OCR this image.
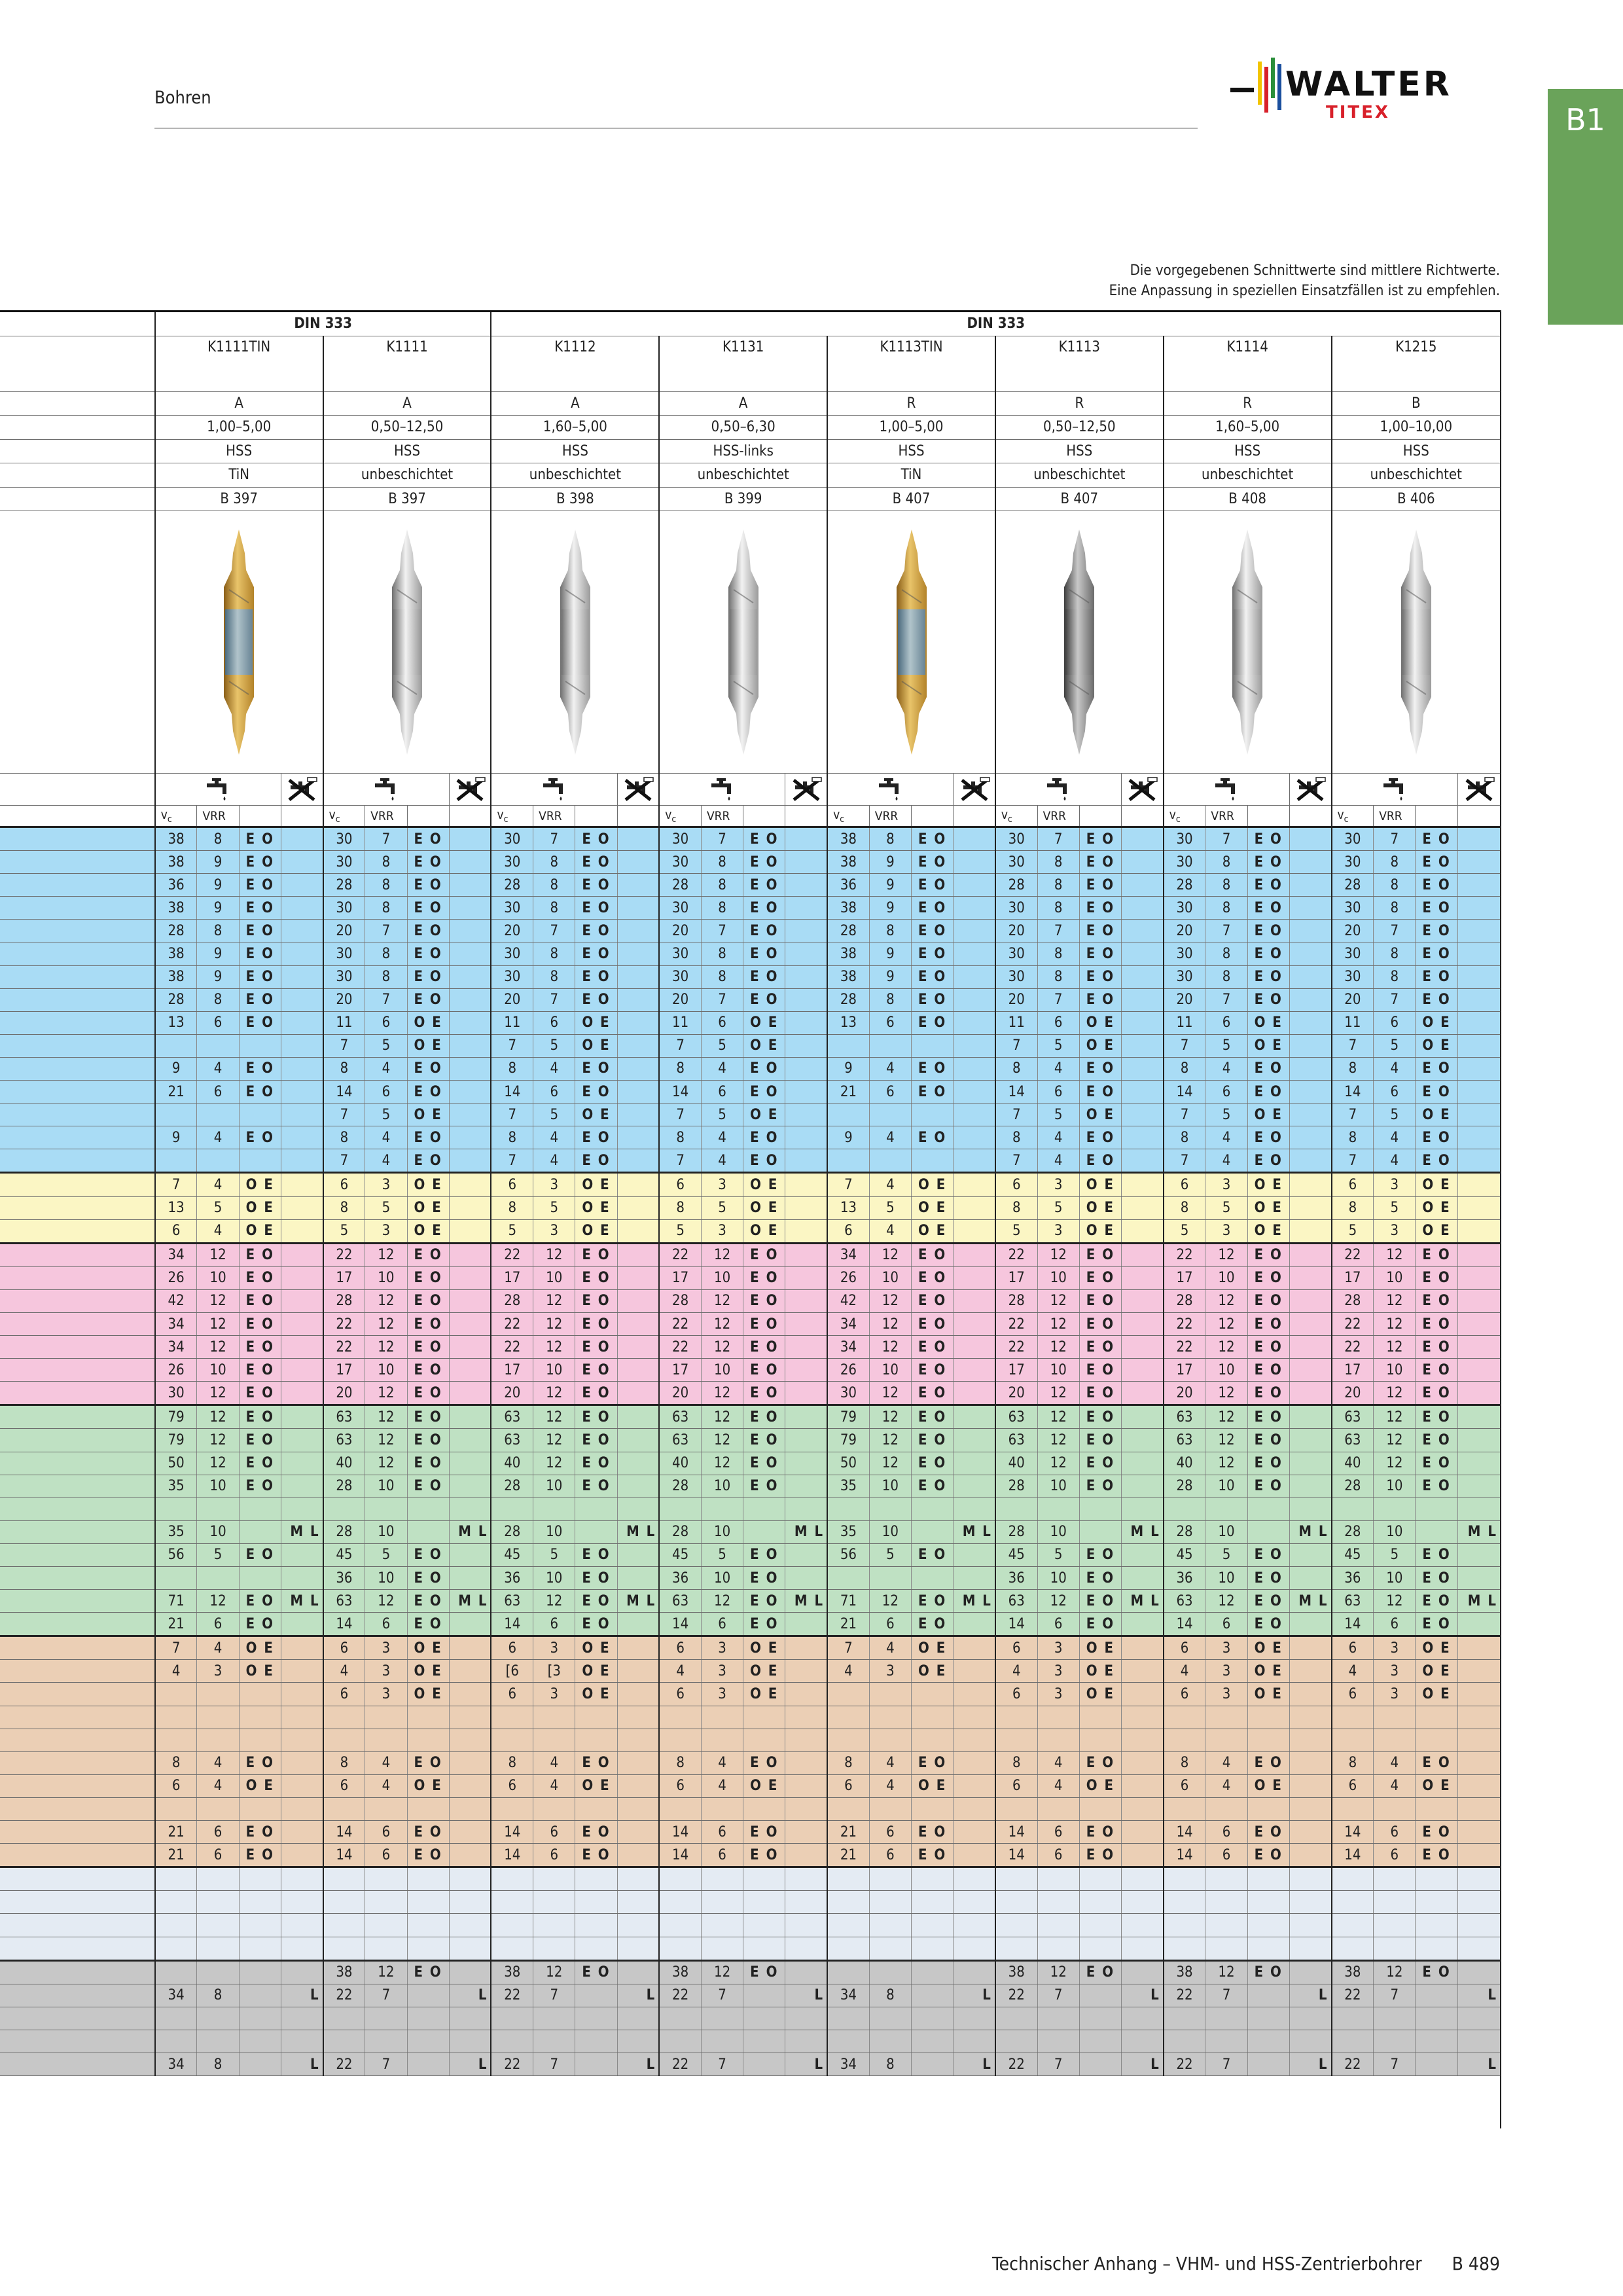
Bohren	WALTER
TITEX	B1
Die vorgegebenen Schnittwerte sind mittlere Richtwerte.
Eine Anpassung in speziellen Einsatzfällen ist zu empfehlen.
	DIN 333								DIN 333																							
	K1111TIN				K1111				K1112				K1131				K1113TIN				K1113				K1114				K1215			
	A				A				A				A				R				R				R				B			
	1,00–5,00				0,50–12,50				1,60–5,00				0,50–6,30				1,00–5,00				0,50–12,50				1,60–5,00				1,00–10,00			
	HSS				HSS				HSS				HSS-links				HSS				HSS				HSS				HSS			
	TiN				unbeschichtet				unbeschichtet				unbeschichtet				TiN				unbeschichtet				unbeschichtet				unbeschichtet			
	B 397				B 397				B 398				B 399				B 407				B 407				B 408				B 406			

	$v_c$	VRR			$v_c$	VRR			$v_c$	VRR			$v_c$	VRR			$v_c$	VRR			$v_c$	VRR			$v_c$	VRR			$v_c$	VRR		
	38	8	E O		30	7	E O		30	7	E O		30	7	E O		38	8	E O		30	7	E O		30	7	E O		30	7	E O	
	38	9	E O		30	8	E O		30	8	E O		30	8	E O		38	9	E O		30	8	E O		30	8	E O		30	8	E O	
	36	9	E O		28	8	E O		28	8	E O		28	8	E O		36	9	E O		28	8	E O		28	8	E O		28	8	E O	
	38	9	E O		30	8	E O		30	8	E O		30	8	E O		38	9	E O		30	8	E O		30	8	E O		30	8	E O	
	28	8	E O		20	7	E O		20	7	E O		20	7	E O		28	8	E O		20	7	E O		20	7	E O		20	7	E O	
	38	9	E O		30	8	E O		30	8	E O		30	8	E O		38	9	E O		30	8	E O		30	8	E O		30	8	E O	
	38	9	E O		30	8	E O		30	8	E O		30	8	E O		38	9	E O		30	8	E O		30	8	E O		30	8	E O	
	28	8	E O		20	7	E O		20	7	E O		20	7	E O		28	8	E O		20	7	E O		20	7	E O		20	7	E O	
	13	6	E O		11	6	O E		11	6	O E		11	6	O E		13	6	E O		11	6	O E		11	6	O E		11	6	O E	
					7	5	O E		7	5	O E		7	5	O E						7	5	O E		7	5	O E		7	5	O E	
	9	4	E O		8	4	E O		8	4	E O		8	4	E O		9	4	E O		8	4	E O		8	4	E O		8	4	E O	
	21	6	E O		14	6	E O		14	6	E O		14	6	E O		21	6	E O		14	6	E O		14	6	E O		14	6	E O	
					7	5	O E		7	5	O E		7	5	O E						7	5	O E		7	5	O E		7	5	O E	
	9	4	E O		8	4	E O		8	4	E O		8	4	E O		9	4	E O		8	4	E O		8	4	E O		8	4	E O	
					7	4	E O		7	4	E O		7	4	E O						7	4	E O		7	4	E O		7	4	E O	
	7	4	O E		6	3	O E		6	3	O E		6	3	O E		7	4	O E		6	3	O E		6	3	O E		6	3	O E	
	13	5	O E		8	5	O E		8	5	O E		8	5	O E		13	5	O E		8	5	O E		8	5	O E		8	5	O E	
	6	4	O E		5	3	O E		5	3	O E		5	3	O E		6	4	O E		5	3	O E		5	3	O E		5	3	O E	
	34	12	E O		22	12	E O		22	12	E O		22	12	E O		34	12	E O		22	12	E O		22	12	E O		22	12	E O	
	26	10	E O		17	10	E O		17	10	E O		17	10	E O		26	10	E O		17	10	E O		17	10	E O		17	10	E O	
	42	12	E O		28	12	E O		28	12	E O		28	12	E O		42	12	E O		28	12	E O		28	12	E O		28	12	E O	
	34	12	E O		22	12	E O		22	12	E O		22	12	E O		34	12	E O		22	12	E O		22	12	E O		22	12	E O	
	34	12	E O		22	12	E O		22	12	E O		22	12	E O		34	12	E O		22	12	E O		22	12	E O		22	12	E O	
	26	10	E O		17	10	E O		17	10	E O		17	10	E O		26	10	E O		17	10	E O		17	10	E O		17	10	E O	
	30	12	E O		20	12	E O		20	12	E O		20	12	E O		30	12	E O		20	12	E O		20	12	E O		20	12	E O	
	79	12	E O		63	12	E O		63	12	E O		63	12	E O		79	12	E O		63	12	E O		63	12	E O		63	12	E O	
	79	12	E O		63	12	E O		63	12	E O		63	12	E O		79	12	E O		63	12	E O		63	12	E O		63	12	E O	
	50	12	E O		40	12	E O		40	12	E O		40	12	E O		50	12	E O		40	12	E O		40	12	E O		40	12	E O	
	35	10	E O		28	10	E O		28	10	E O		28	10	E O		35	10	E O		28	10	E O		28	10	E O		28	10	E O	

	35	10		M L	28	10		M L	28	10		M L	28	10		M L	35	10		M L	28	10		M L	28	10		M L	28	10		M L
	56	5	E O		45	5	E O		45	5	E O		45	5	E O		56	5	E O		45	5	E O		45	5	E O		45	5	E O	
					36	10	E O		36	10	E O		36	10	E O						36	10	E O		36	10	E O		36	10	E O	
	71	12	E O	M L	63	12	E O	M L	63	12	E O	M L	63	12	E O	M L	71	12	E O	M L	63	12	E O	M L	63	12	E O	M L	63	12	E O	M L
	21	6	E O		14	6	E O		14	6	E O		14	6	E O		21	6	E O		14	6	E O		14	6	E O		14	6	E O	
	7	4	O E		6	3	O E		6	3	O E		6	3	O E		7	4	O E		6	3	O E		6	3	O E		6	3	O E	
	4	3	O E		4	3	O E		[6	[3	O E		4	3	O E		4	3	O E		4	3	O E		4	3	O E		4	3	O E	
					6	3	O E		6	3	O E		6	3	O E						6	3	O E		6	3	O E		6	3	O E	

	8	4	E O		8	4	E O		8	4	E O		8	4	E O		8	4	E O		8	4	E O		8	4	E O		8	4	E O	
	6	4	O E		6	4	O E		6	4	O E		6	4	O E		6	4	O E		6	4	O E		6	4	O E		6	4	O E	

	21	6	E O		14	6	E O		14	6	E O		14	6	E O		21	6	E O		14	6	E O		14	6	E O		14	6	E O	
	21	6	E O		14	6	E O		14	6	E O		14	6	E O		21	6	E O		14	6	E O		14	6	E O		14	6	E O	

					38	12	E O		38	12	E O		38	12	E O						38	12	E O		38	12	E O		38	12	E O	
	34	8		L	22	7		L	22	7		L	22	7		L	34	8		L	22	7		L	22	7		L	22	7		L

	34	8		L	22	7		L	22	7		L	22	7		L	34	8		L	22	7		L	22	7		L	22	7		L
Technischer Anhang – VHM- und HSS-Zentrierbohrer B 489
